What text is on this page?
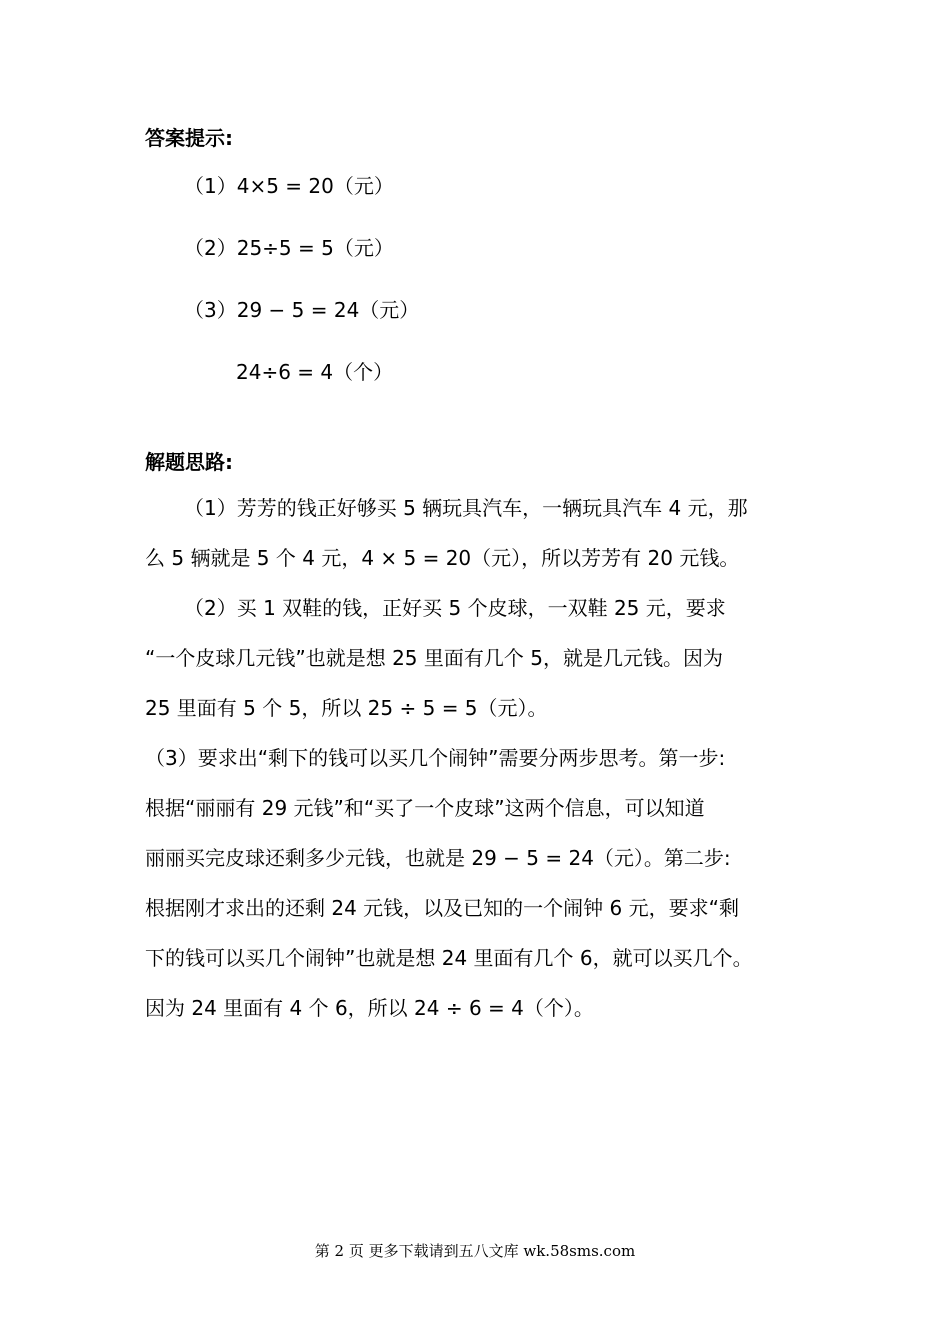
答案提示:
（1）4×5 = 20（元）
（2）25÷5 = 5（元）
（3）29 − 5 = 24（元）
24÷6 = 4（个）
解题思路:
（1）芳芳的钱正好够买 5 辆玩具汽车，一辆玩具汽车 4 元，那
么 5 辆就是 5 个 4 元，4 × 5 = 20（元），所以芳芳有 20 元钱。
（2）买 1 双鞋的钱，正好买 5 个皮球，一双鞋 25 元，要求
“一个皮球几元钱”也就是想 25 里面有几个 5，就是几元钱。因为
25 里面有 5 个 5，所以 25 ÷ 5 = 5（元）。
（3）要求出“剩下的钱可以买几个闹钟”需要分两步思考。第一步:
根据“丽丽有 29 元钱”和“买了一个皮球”这两个信息，可以知道
丽丽买完皮球还剩多少元钱，也就是 29 − 5 = 24（元）。第二步:
根据刚才求出的还剩 24 元钱，以及已知的一个闹钟 6 元，要求“剩
下的钱可以买几个闹钟”也就是想 24 里面有几个 6，就可以买几个。
因为 24 里面有 4 个 6，所以 24 ÷ 6 = 4（个）。
第 2 页 更多下载请到五八文库 wk.58sms.com
